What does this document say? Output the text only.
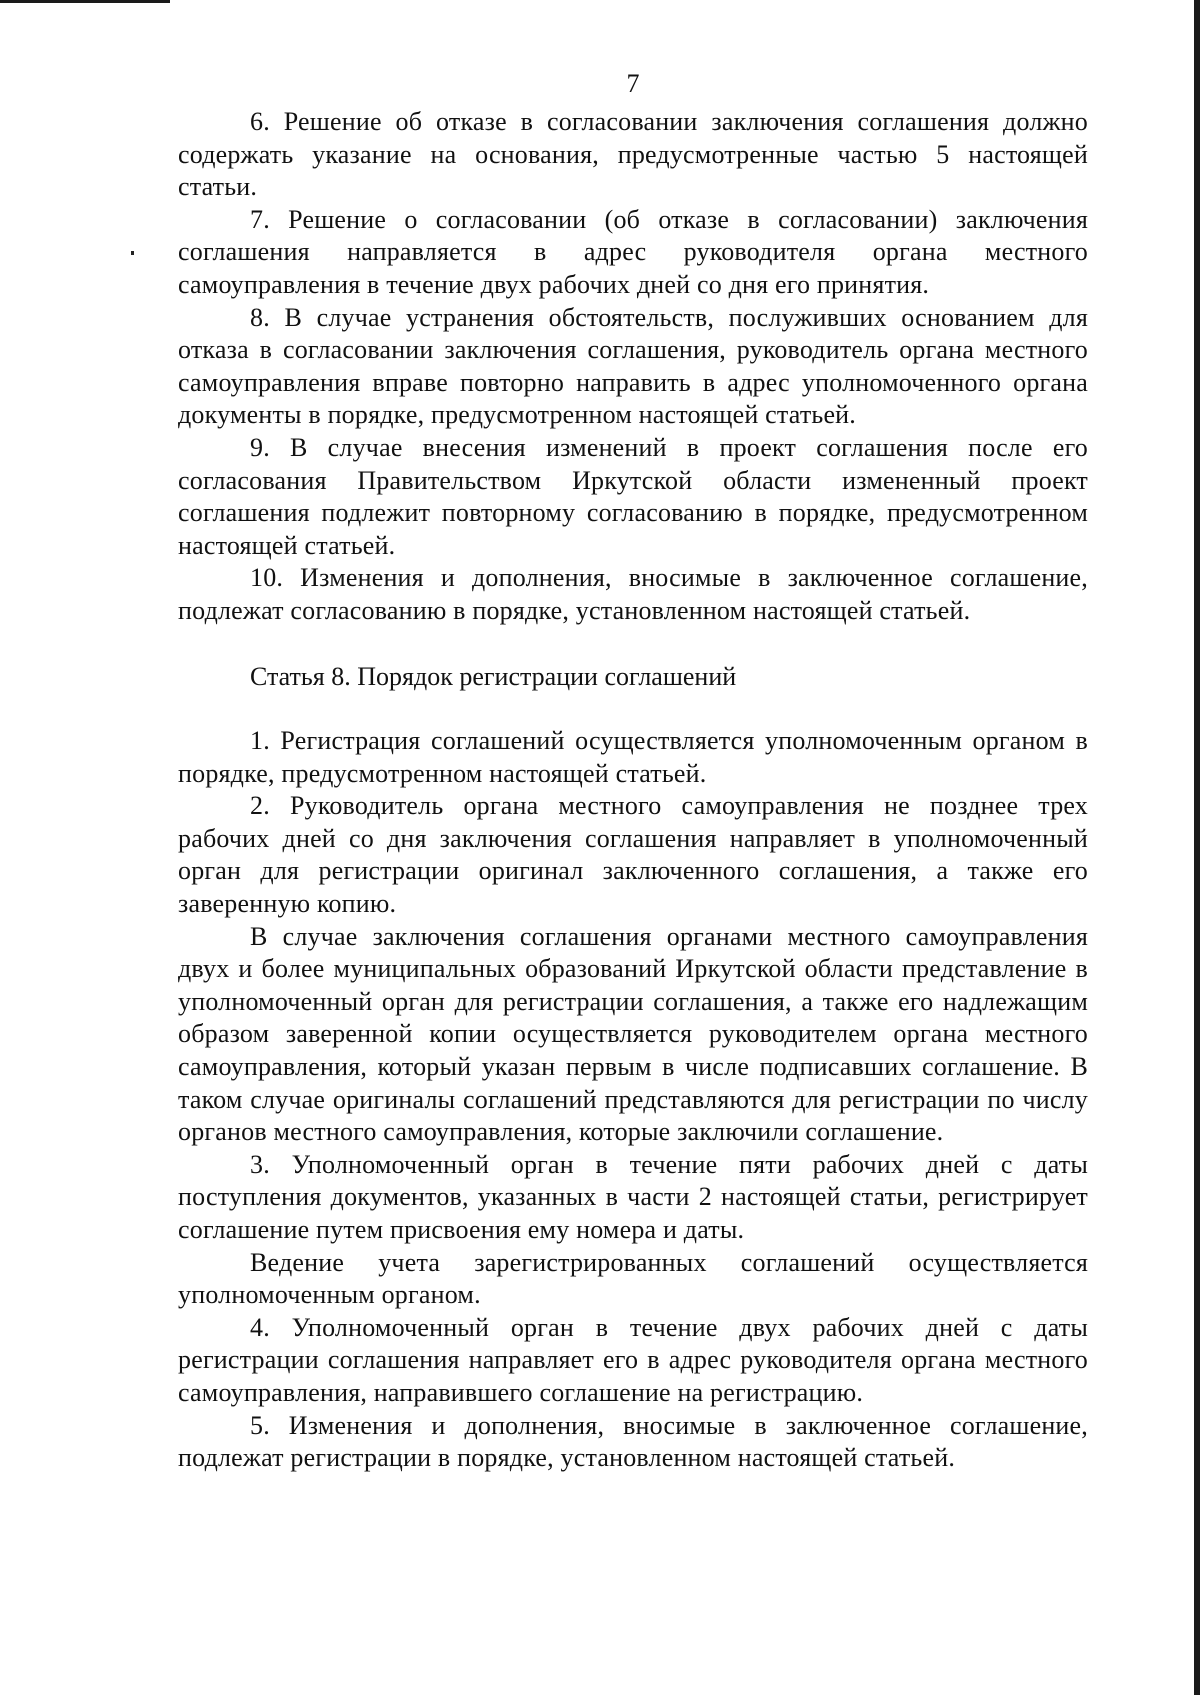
7

6. Решение об отказе в согласовании заключения соглашения должно содержать указание на основания, предусмотренные частью 5 настоящей статьи.

7. Решение о согласовании (об отказе в согласовании) заключения соглашения направляется в адрес руководителя органа местного самоуправления в течение двух рабочих дней со дня его принятия.

8. В случае устранения обстоятельств, послуживших основанием для отказа в согласовании заключения соглашения, руководитель органа местного самоуправления вправе повторно направить в адрес уполномоченного органа документы в порядке, предусмотренном настоящей статьей.

9. В случае внесения изменений в проект соглашения после его согласования Правительством Иркутской области измененный проект соглашения подлежит повторному согласованию в порядке, предусмотренном настоящей статьей.

10. Изменения и дополнения, вносимые в заключенное соглашение, подлежат согласованию в порядке, установленном настоящей статьей.

Статья 8. Порядок регистрации соглашений

1. Регистрация соглашений осуществляется уполномоченным органом в порядке, предусмотренном настоящей статьей.

2. Руководитель органа местного самоуправления не позднее трех рабочих дней со дня заключения соглашения направляет в уполномоченный орган для регистрации оригинал заключенного соглашения, а также его заверенную копию.

В случае заключения соглашения органами местного самоуправления двух и более муниципальных образований Иркутской области представление в уполномоченный орган для регистрации соглашения, а также его надлежащим образом заверенной копии осуществляется руководителем органа местного самоуправления, который указан первым в числе подписавших соглашение. В таком случае оригиналы соглашений представляются для регистрации по числу органов местного самоуправления, которые заключили соглашение.

3. Уполномоченный орган в течение пяти рабочих дней с даты поступления документов, указанных в части 2 настоящей статьи, регистрирует соглашение путем присвоения ему номера и даты.

Ведение учета зарегистрированных соглашений осуществляется уполномоченным органом.

4. Уполномоченный орган в течение двух рабочих дней с даты регистрации соглашения направляет его в адрес руководителя органа местного самоуправления, направившего соглашение на регистрацию.

5. Изменения и дополнения, вносимые в заключенное соглашение, подлежат регистрации в порядке, установленном настоящей статьей.
